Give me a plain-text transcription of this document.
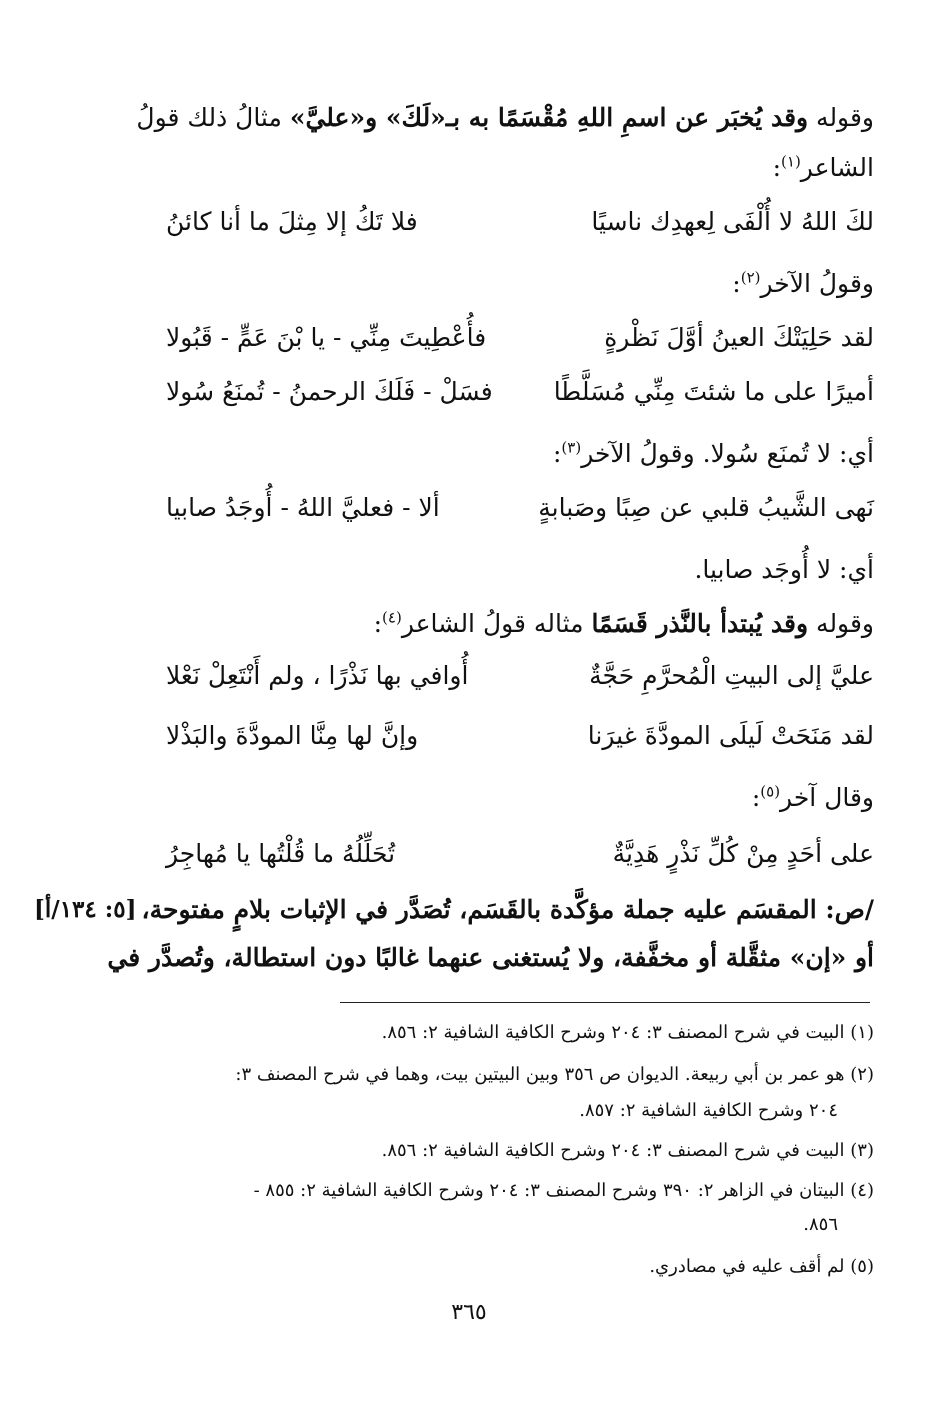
وقوله وقد يُخبَر عن اسمِ اللهِ مُقْسَمًا به بـ«لَكَ» و«عليَّ» مثالُ ذلك قولُ
الشاعر$^{(١)}$:
لكَ اللهُ لا أُلْفَى لِعهدِك ناسيًا
فلا تَكُ إلا مِثلَ ما أنا كائنُ
وقولُ الآخر$^{(٢)}$:
لقد حَلِيَتْكَ العينُ أوَّلَ نَظْرةٍ
فأُعْطِيتَ مِنِّي - يا بْنَ عَمٍّ - قَبُولا
أميرًا على ما شئتَ مِنِّي مُسَلَّطًا
فسَلْ - فَلَكَ الرحمنُ - تُمنَعُ سُولا
أي: لا تُمنَع سُولا. وقولُ الآخر$^{(٣)}$:
نَهى الشَّيبُ قلبي عن صِبًا وصَبابةٍ
ألا - فعليَّ اللهُ - أُوجَدُ صابيا
أي: لا أُوجَد صابيا.
وقوله وقد يُبتدأ بالنَّذر قَسَمًا مثاله قولُ الشاعر$^{(٤)}$:
عليَّ إلى البيتِ الْمُحرَّمِ حَجَّةٌ
أُوافي بها نَذْرًا ، ولم أَنْتَعِلْ نَعْلا
لقد مَنَحَتْ لَيلَى المودَّةَ غيرَنا
وإنَّ لها مِنَّا المودَّةَ والبَذْلا
وقال آخر$^{(٥)}$:
على أحَدٍ مِنْ كُلِّ نَذْرٍ هَدِيَّةٌ
تُحَلِّلُهُ ما قُلْتُها يا مُهاجِرُ
/ص: المقسَم عليه جملة مؤكَّدة بالقَسَم، تُصَدَّر في الإثبات بلامٍ مفتوحة،
[٥: ١٣٤/أ]
أو «إن» مثقَّلة أو مخفَّفة، ولا يُستغنى عنهما غالبًا دون استطالة، وتُصدَّر في
(١) البيت في شرح المصنف ٣: ٢٠٤ وشرح الكافية الشافية ٢: ٨٥٦.
(٢) هو عمر بن أبي ربيعة. الديوان ص ٣٥٦ وبين البيتين بيت، وهما في شرح المصنف ٣:
٢٠٤ وشرح الكافية الشافية ٢: ٨٥٧.
(٣) البيت في شرح المصنف ٣: ٢٠٤ وشرح الكافية الشافية ٢: ٨٥٦.
(٤) البيتان في الزاهر ٢: ٣٩٠ وشرح المصنف ٣: ٢٠٤ وشرح الكافية الشافية ٢: ٨٥٥ -
٨٥٦.
(٥) لم أقف عليه في مصادري.
٣٦٥
